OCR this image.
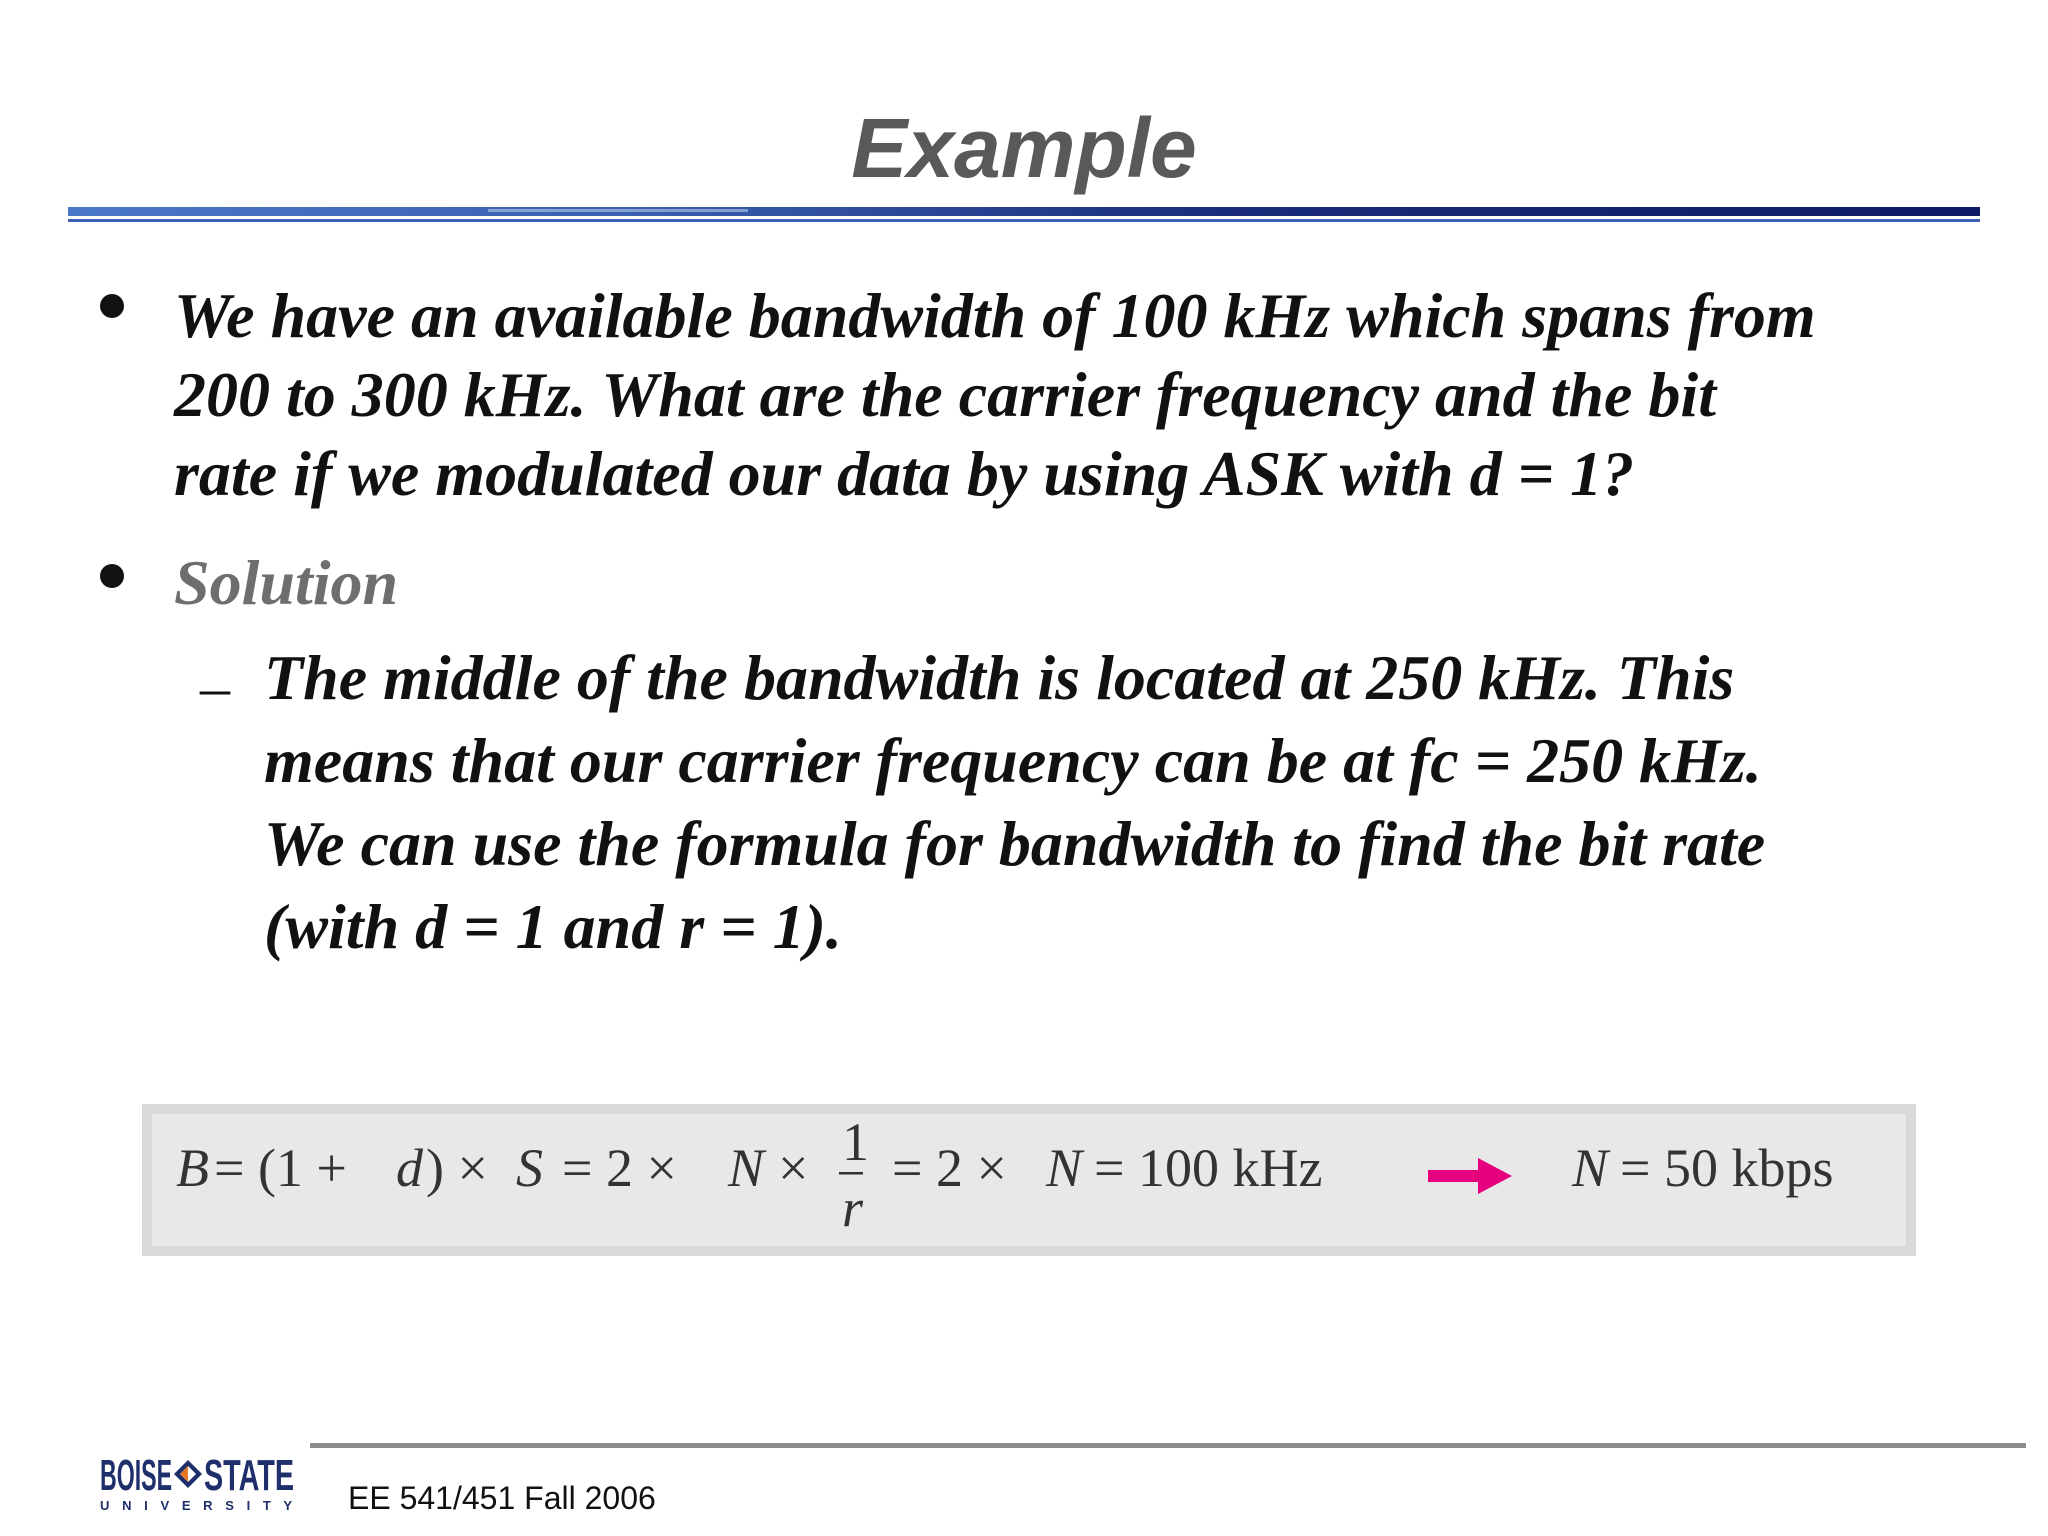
Example
We have an available bandwidth of 100 kHz which spans from
200 to 300 kHz. What are the carrier frequency and the bit
rate if we modulated our data by using ASK with d = 1?
Solution
– The middle of the bandwidth is located at 250 kHz. This
means that our carrier frequency can be at fc = 250 kHz.
We can use the formula for bandwidth to find the bit rate
(with d = 1 and r = 1).
B = (1 + d ) × S = 2 × N × 1
r
= 2 × N = 100 kHz	N = 50 kbps
BOISE STATE
U N I V E R S I T Y EE 541/451 Fall 2006
